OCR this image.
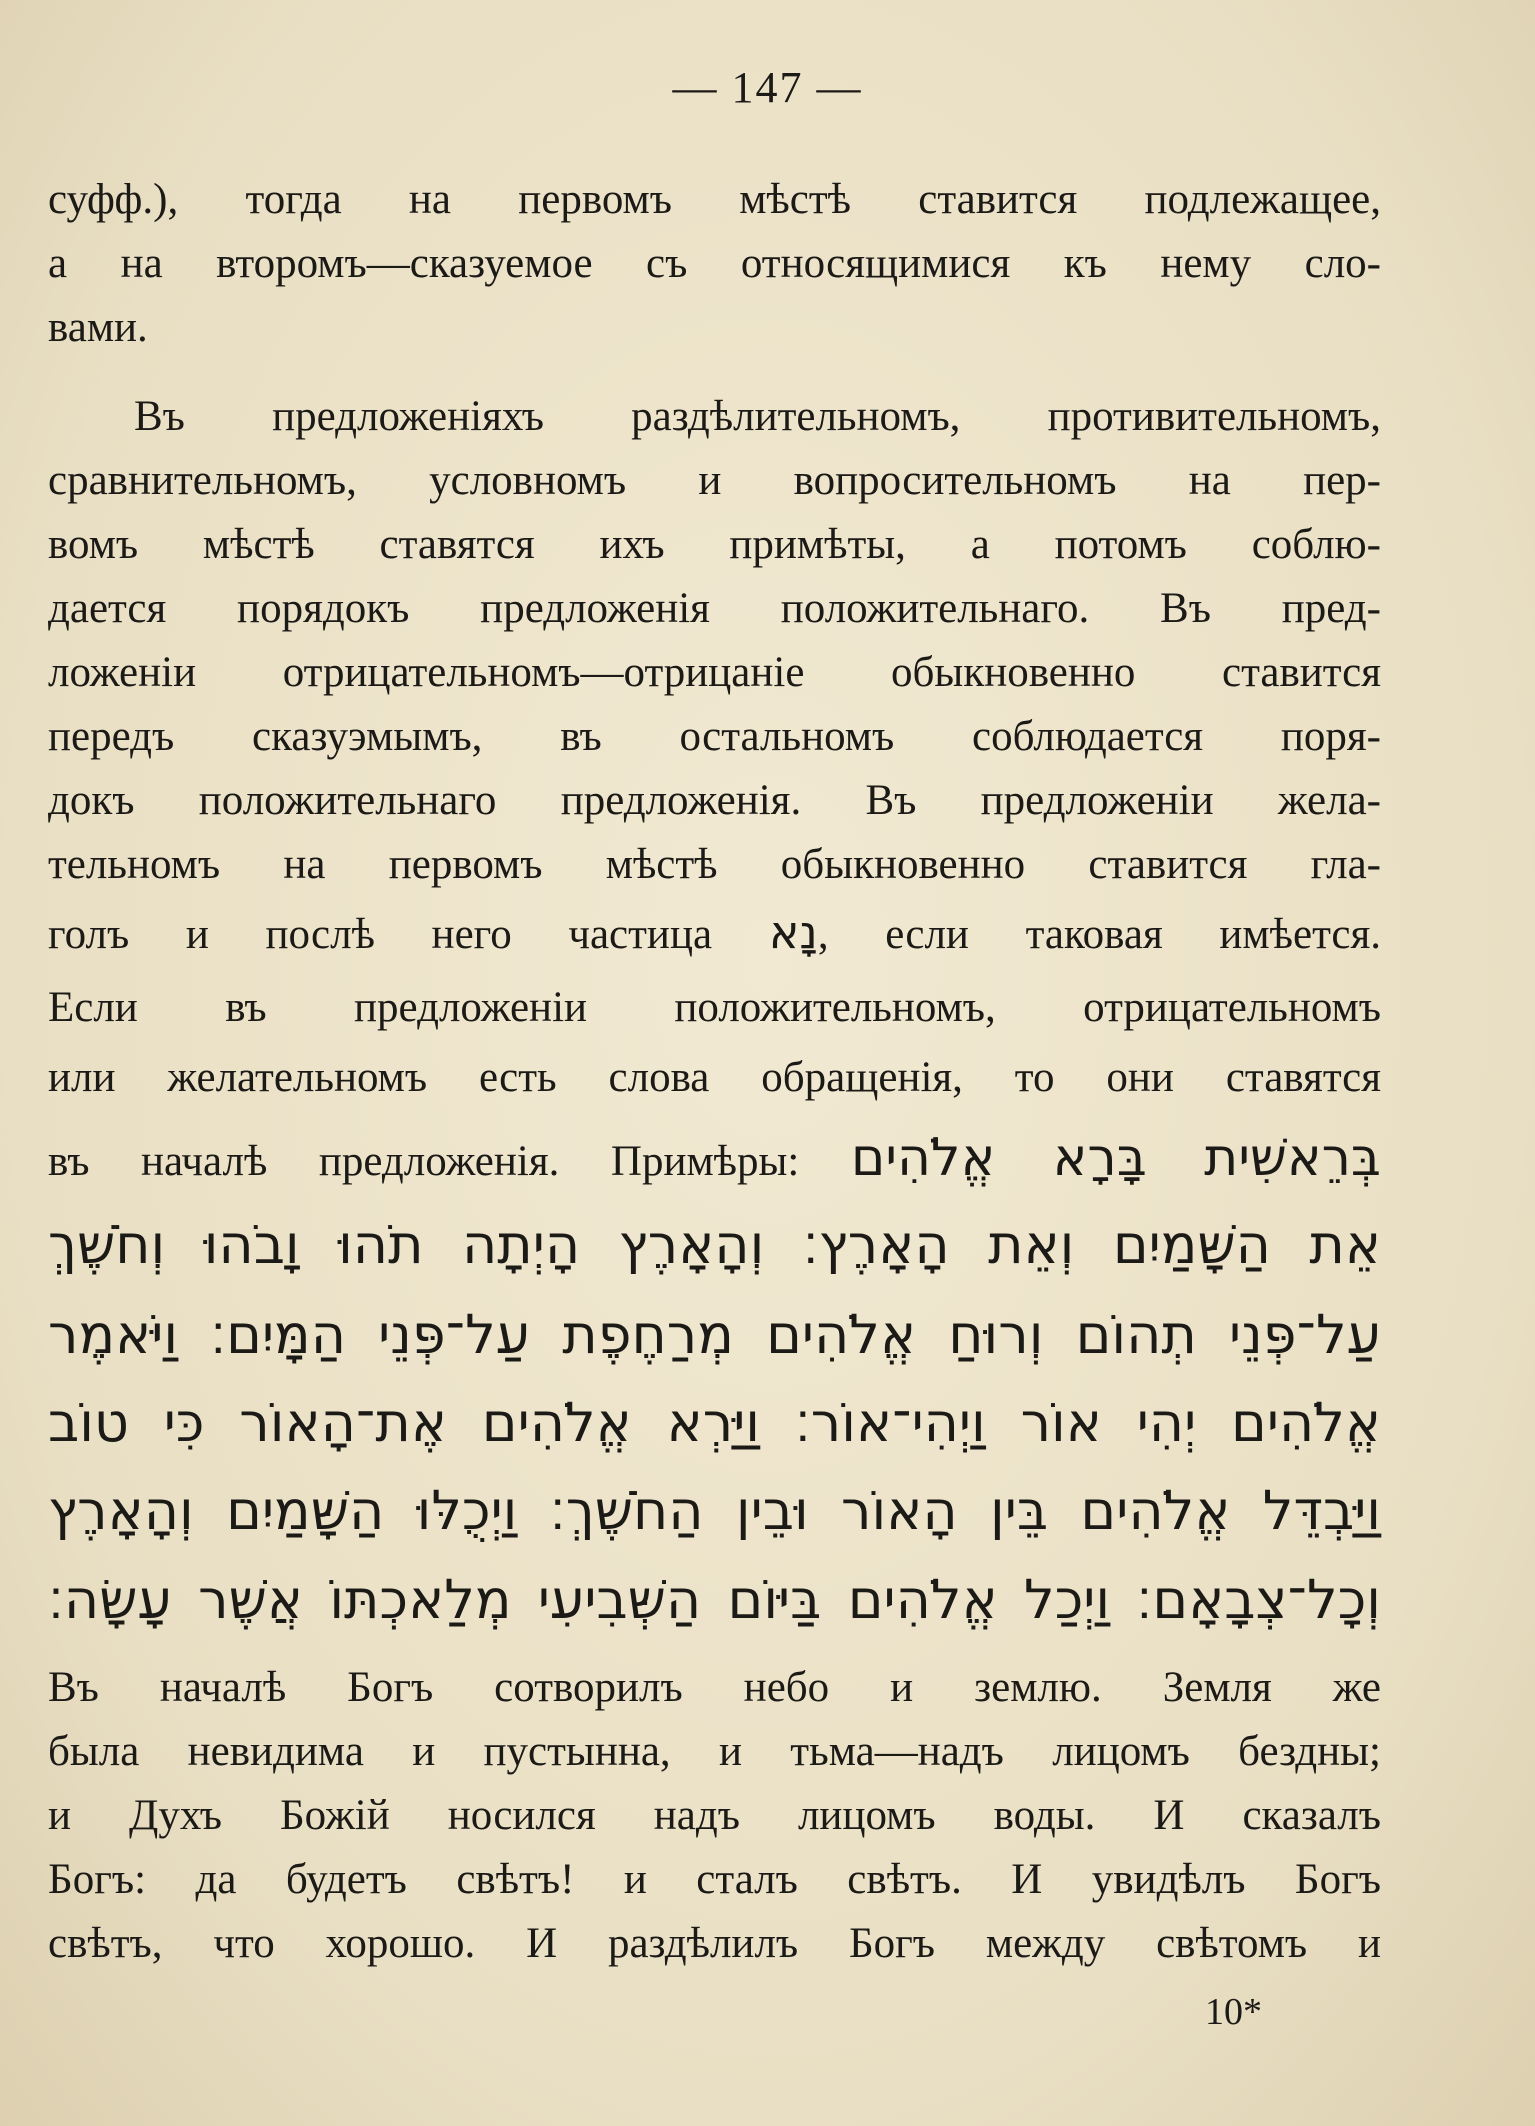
— 147 —
суфф.), тогда на первомъ мѣстѣ ставится подлежащее,
а на второмъ—сказуемое съ относящимися къ нему сло-
вами.
Въ предложеніяхъ раздѣлительномъ, противительномъ,
сравнительномъ, условномъ и вопросительномъ на пер-
вомъ мѣстѣ ставятся ихъ примѣты, а потомъ соблю-
дается порядокъ предложенія положительнаго. Въ пред-
ложеніи отрицательномъ—отрицаніе обыкновенно ставится
передъ сказуэмымъ, въ остальномъ соблюдается поря-
докъ положительнаго предложенія. Въ предложеніи жела-
тельномъ на первомъ мѣстѣ обыкновенно ставится гла-
голъ и послѣ него частица נָא, если таковая имѣется.
Если въ предложеніи положительномъ, отрицательномъ
или желательномъ есть слова обращенія, то они ставятся
въ началѣ предложенія. Примѣры: בְּרֵאשִׁית בָּרָא אֱלֹהִים
אֵת הַשָּׁמַיִם וְאֵת הָאָרֶץ׃ וְהָאָרֶץ הָיְתָה תֹהוּ וָבֹהוּ וְחֹשֶׁךְ
עַל־פְּנֵי תְהוֹם וְרוּחַ אֱלֹהִים מְרַחֶפֶת עַל־פְּנֵי הַמָּיִם׃ וַיֹּאמֶר
אֱלֹהִים יְהִי אוֹר וַיְהִי־אוֹר׃ וַיַּרְא אֱלֹהִים אֶת־הָאוֹר כִּי טוֹב
וַיַּבְדֵּל אֱלֹהִים בֵּין הָאוֹר וּבֵין הַחֹשֶׁךְ׃ וַיְכֻלּוּ הַשָּׁמַיִם וְהָאָרֶץ
וְכָל־צְבָאָם׃ וַיְכַל אֱלֹהִים בַּיּוֹם הַשְּׁבִיעִי מְלַאכְתּוֹ אֲשֶׁר עָשָׂה׃
Въ началѣ Богъ сотворилъ небо и землю. Земля же
была невидима и пустынна, и тьма—надъ лицомъ бездны;
и Духъ Божій носился надъ лицомъ воды. И сказалъ
Богъ: да будетъ свѣтъ! и сталъ свѣтъ. И увидѣлъ Богъ
свѣтъ, что хорошо. И раздѣлилъ Богъ между свѣтомъ и
10*
